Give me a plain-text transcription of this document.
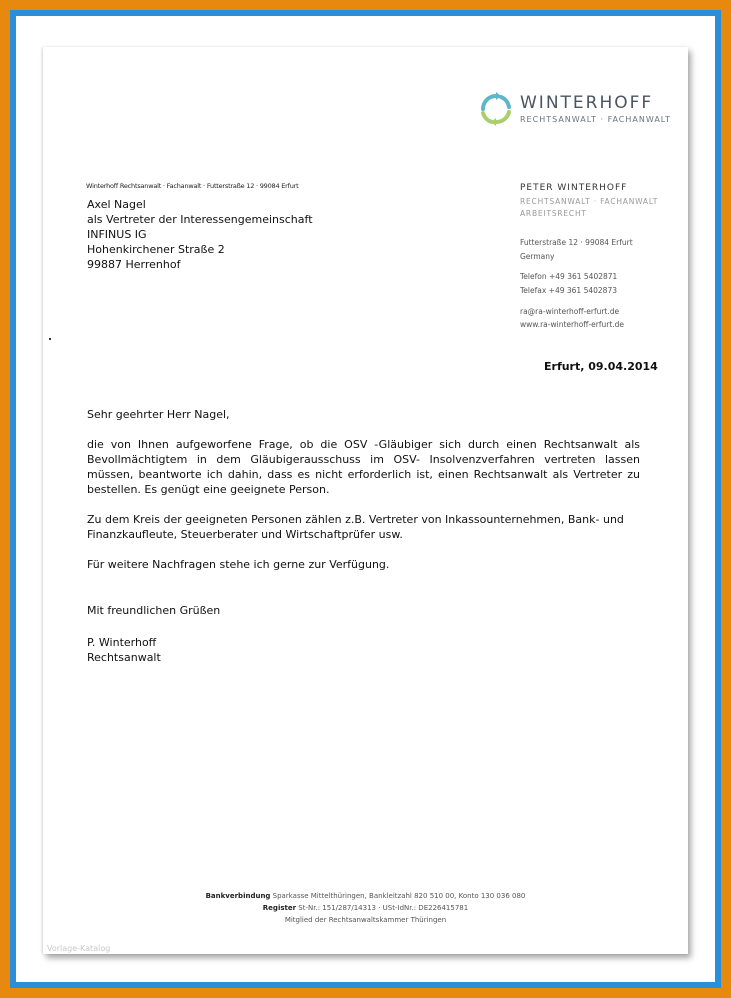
WINTERHOFF
RECHTSANWALT · FACHANWALT
Winterhoff Rechtsanwalt · Fachanwalt · Futterstraße 12 · 99084 Erfurt
Axel Nagel
als Vertreter der Interessengemeinschaft
INFINUS IG
Hohenkirchener Straße 2
99887 Herrenhof
PETER WINTERHOFF
RECHTSANWALT · FACHANWALT
ARBEITSRECHT
Futterstraße 12 · 99084 Erfurt
Germany
Telefon +49 361 5402871
Telefax +49 361 5402873
ra@ra-winterhoff-erfurt.de
www.ra-winterhoff-erfurt.de
Erfurt, 09.04.2014

Sehr geehrter Herr Nagel,

die von Ihnen aufgeworfene Frage, ob die OSV -Gläubiger sich durch einen Rechtsanwalt als Bevollmächtigtem in dem Gläubigerausschuss im OSV- Insolvenzverfahren vertreten lassen müssen, beantworte ich dahin, dass es nicht erforderlich ist, einen Rechtsanwalt als Vertreter zu bestellen. Es genügt eine geeignete Person.

Zu dem Kreis der geeigneten Personen zählen z.B. Vertreter von Inkassounternehmen, Bank- und Finanzkaufleute, Steuerberater und Wirtschaftprüfer usw.

Für weitere Nachfragen stehe ich gerne zur Verfügung.

Mit freundlichen Grüßen

P. Winterhoff

Rechtsanwalt

Bankverbindung Sparkasse Mittelthüringen, Bankleitzahl 820 510 00, Konto 130 036 080
Register St-Nr.: 151/287/14313 · USt-IdNr.: DE226415781
Mitglied der Rechtsanwaltskammer Thüringen
Vorlage-Katalog
